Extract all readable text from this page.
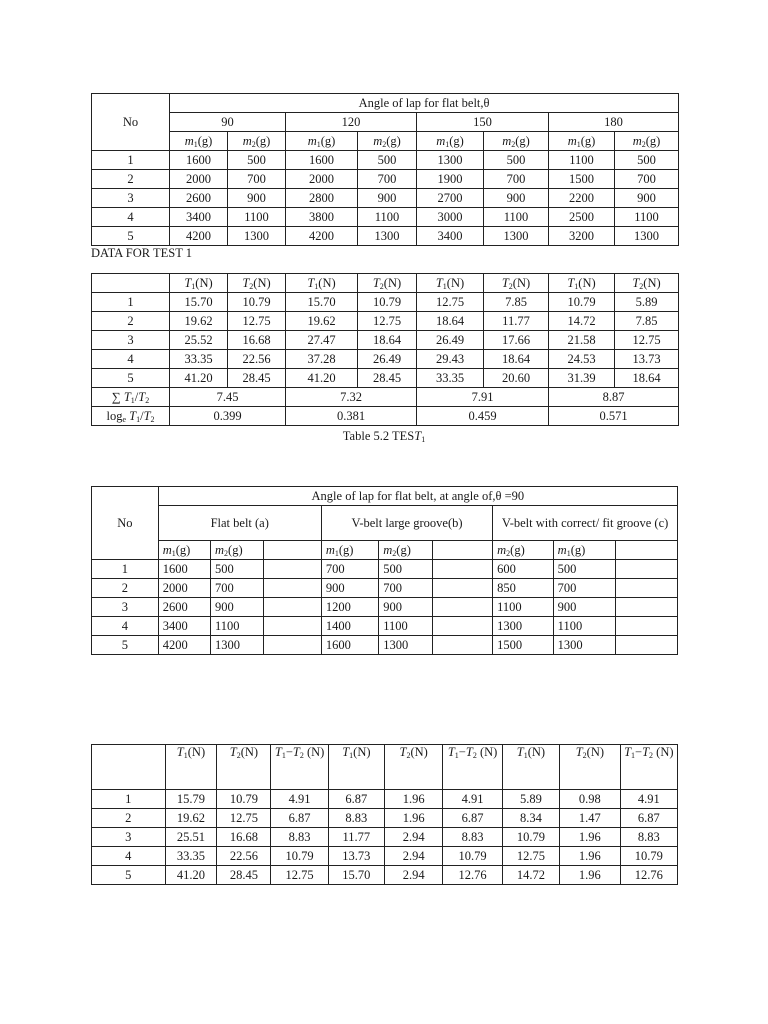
No	Angle of lap for flat belt,θ							
	90		120		150		180	
	$m_1(g)$	$m_2(g)$	$m_1(g)$	$m_2(g)$	$m_1(g)$	$m_2(g)$	$m_1(g)$	$m_2(g)$
1	1600	500	1600	500	1300	500	1100	500
2	2000	700	2000	700	1900	700	1500	700
3	2600	900	2800	900	2700	900	2200	900
4	3400	1100	3800	1100	3000	1100	2500	1100
5	4200	1300	4200	1300	3400	1300	3200	1300
DATA FOR TEST 1
	$T_1(N)$	$T_2(N)$	$T_1(N)$	$T_2(N)$	$T_1(N)$	$T_2(N)$	$T_1(N)$	$T_2(N)$
1	15.70	10.79	15.70	10.79	12.75	7.85	10.79	5.89
2	19.62	12.75	19.62	12.75	18.64	11.77	14.72	7.85
3	25.52	16.68	27.47	18.64	26.49	17.66	21.58	12.75
4	33.35	22.56	37.28	26.49	29.43	18.64	24.53	13.73
5	41.20	28.45	41.20	28.45	33.35	20.60	31.39	18.64
∑ $T_1/T_2$	7.45		7.32		7.91		8.87	
$\log_e T_1/T_2$	0.399		0.381		0.459		0.571	
Table 5.2 $TEST_1$
No	Angle of lap for flat belt, at angle of,θ =90								
	Flat belt (a)			V-belt large groove(b)			V-belt with correct/ fit groove (c)		
	$m_1(g)$	$m_2(g)$		$m_1(g)$	$m_2(g)$		$m_2(g)$	$m_1(g)$	
1	1600	500		700	500		600	500	
2	2000	700		900	700		850	700	
3	2600	900		1200	900		1100	900	
4	3400	1100		1400	1100		1300	1100	
5	4200	1300		1600	1300		1500	1300	
	$T_1(N)$	$T_2(N)$	$T_1-T_2$ (N)	$T_1(N)$	$T_2(N)$	$T_1-T_2$ (N)	$T_1(N)$	$T_2(N)$	$T_1-T_2$ (N)
1	15.79	10.79	4.91	6.87	1.96	4.91	5.89	0.98	4.91
2	19.62	12.75	6.87	8.83	1.96	6.87	8.34	1.47	6.87
3	25.51	16.68	8.83	11.77	2.94	8.83	10.79	1.96	8.83
4	33.35	22.56	10.79	13.73	2.94	10.79	12.75	1.96	10.79
5	41.20	28.45	12.75	15.70	2.94	12.76	14.72	1.96	12.76
